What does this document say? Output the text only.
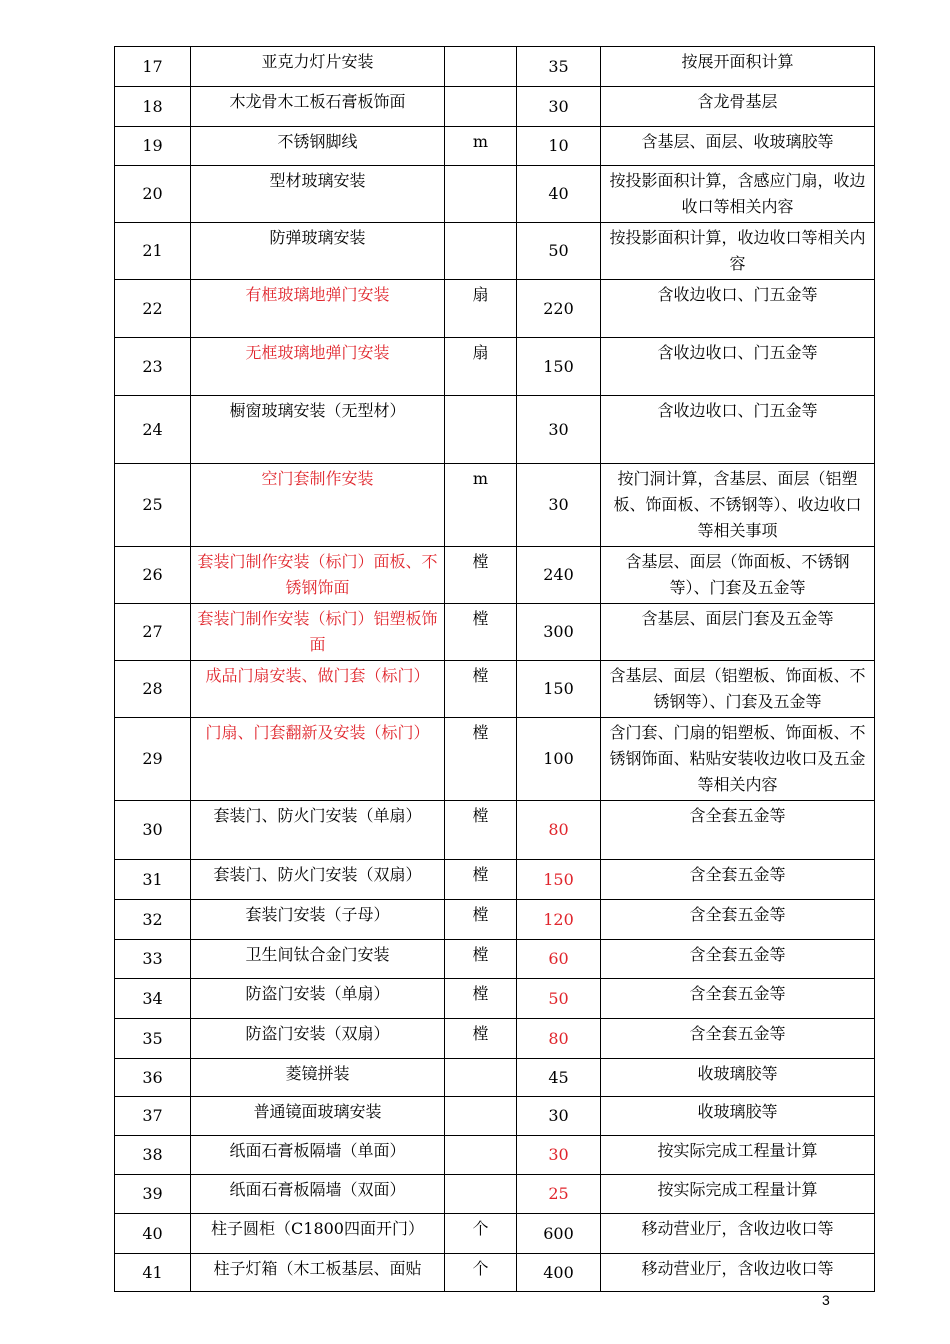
17	亚克力灯片安装		35	按展开面积计算
18	木龙骨木工板石膏板饰面		30	含龙骨基层
19	不锈钢脚线	m	10	含基层、面层、收玻璃胶等
20	型材玻璃安装		40	按投影面积计算，含感应门扇，收边收口等相关内容
21	防弹玻璃安装		50	按投影面积计算，收边收口等相关内容
22	有框玻璃地弹门安装	扇	220	含收边收口、门五金等
23	无框玻璃地弹门安装	扇	150	含收边收口、门五金等
24	橱窗玻璃安装（无型材）		30	含收边收口、门五金等
25	空门套制作安装	m	30	按门洞计算，含基层、面层（铝塑板、饰面板、不锈钢等）、收边收口等相关事项
26	套装门制作安装（标门）面板、不锈钢饰面	樘	240	含基层、面层（饰面板、不锈钢等）、门套及五金等
27	套装门制作安装（标门）铝塑板饰面	樘	300	含基层、面层门套及五金等
28	成品门扇安装、做门套（标门）	樘	150	含基层、面层（铝塑板、饰面板、不锈钢等）、门套及五金等
29	门扇、门套翻新及安装（标门）	樘	100	含门套、门扇的铝塑板、饰面板、不锈钢饰面、粘贴安装收边收口及五金等相关内容
30	套装门、防火门安装（单扇）	樘	80	含全套五金等
31	套装门、防火门安装（双扇）	樘	150	含全套五金等
32	套装门安装（子母）	樘	120	含全套五金等
33	卫生间钛合金门安装	樘	60	含全套五金等
34	防盗门安装（单扇）	樘	50	含全套五金等
35	防盗门安装（双扇）	樘	80	含全套五金等
36	菱镜拼装		45	收玻璃胶等
37	普通镜面玻璃安装		30	收玻璃胶等
38	纸面石膏板隔墙（单面）		30	按实际完成工程量计算
39	纸面石膏板隔墙（双面）		25	按实际完成工程量计算
40	柱子圆柜（C1800四面开门）	个	600	移动营业厅，含收边收口等
41	柱子灯箱（木工板基层、面贴	个	400	移动营业厅，含收边收口等
3
